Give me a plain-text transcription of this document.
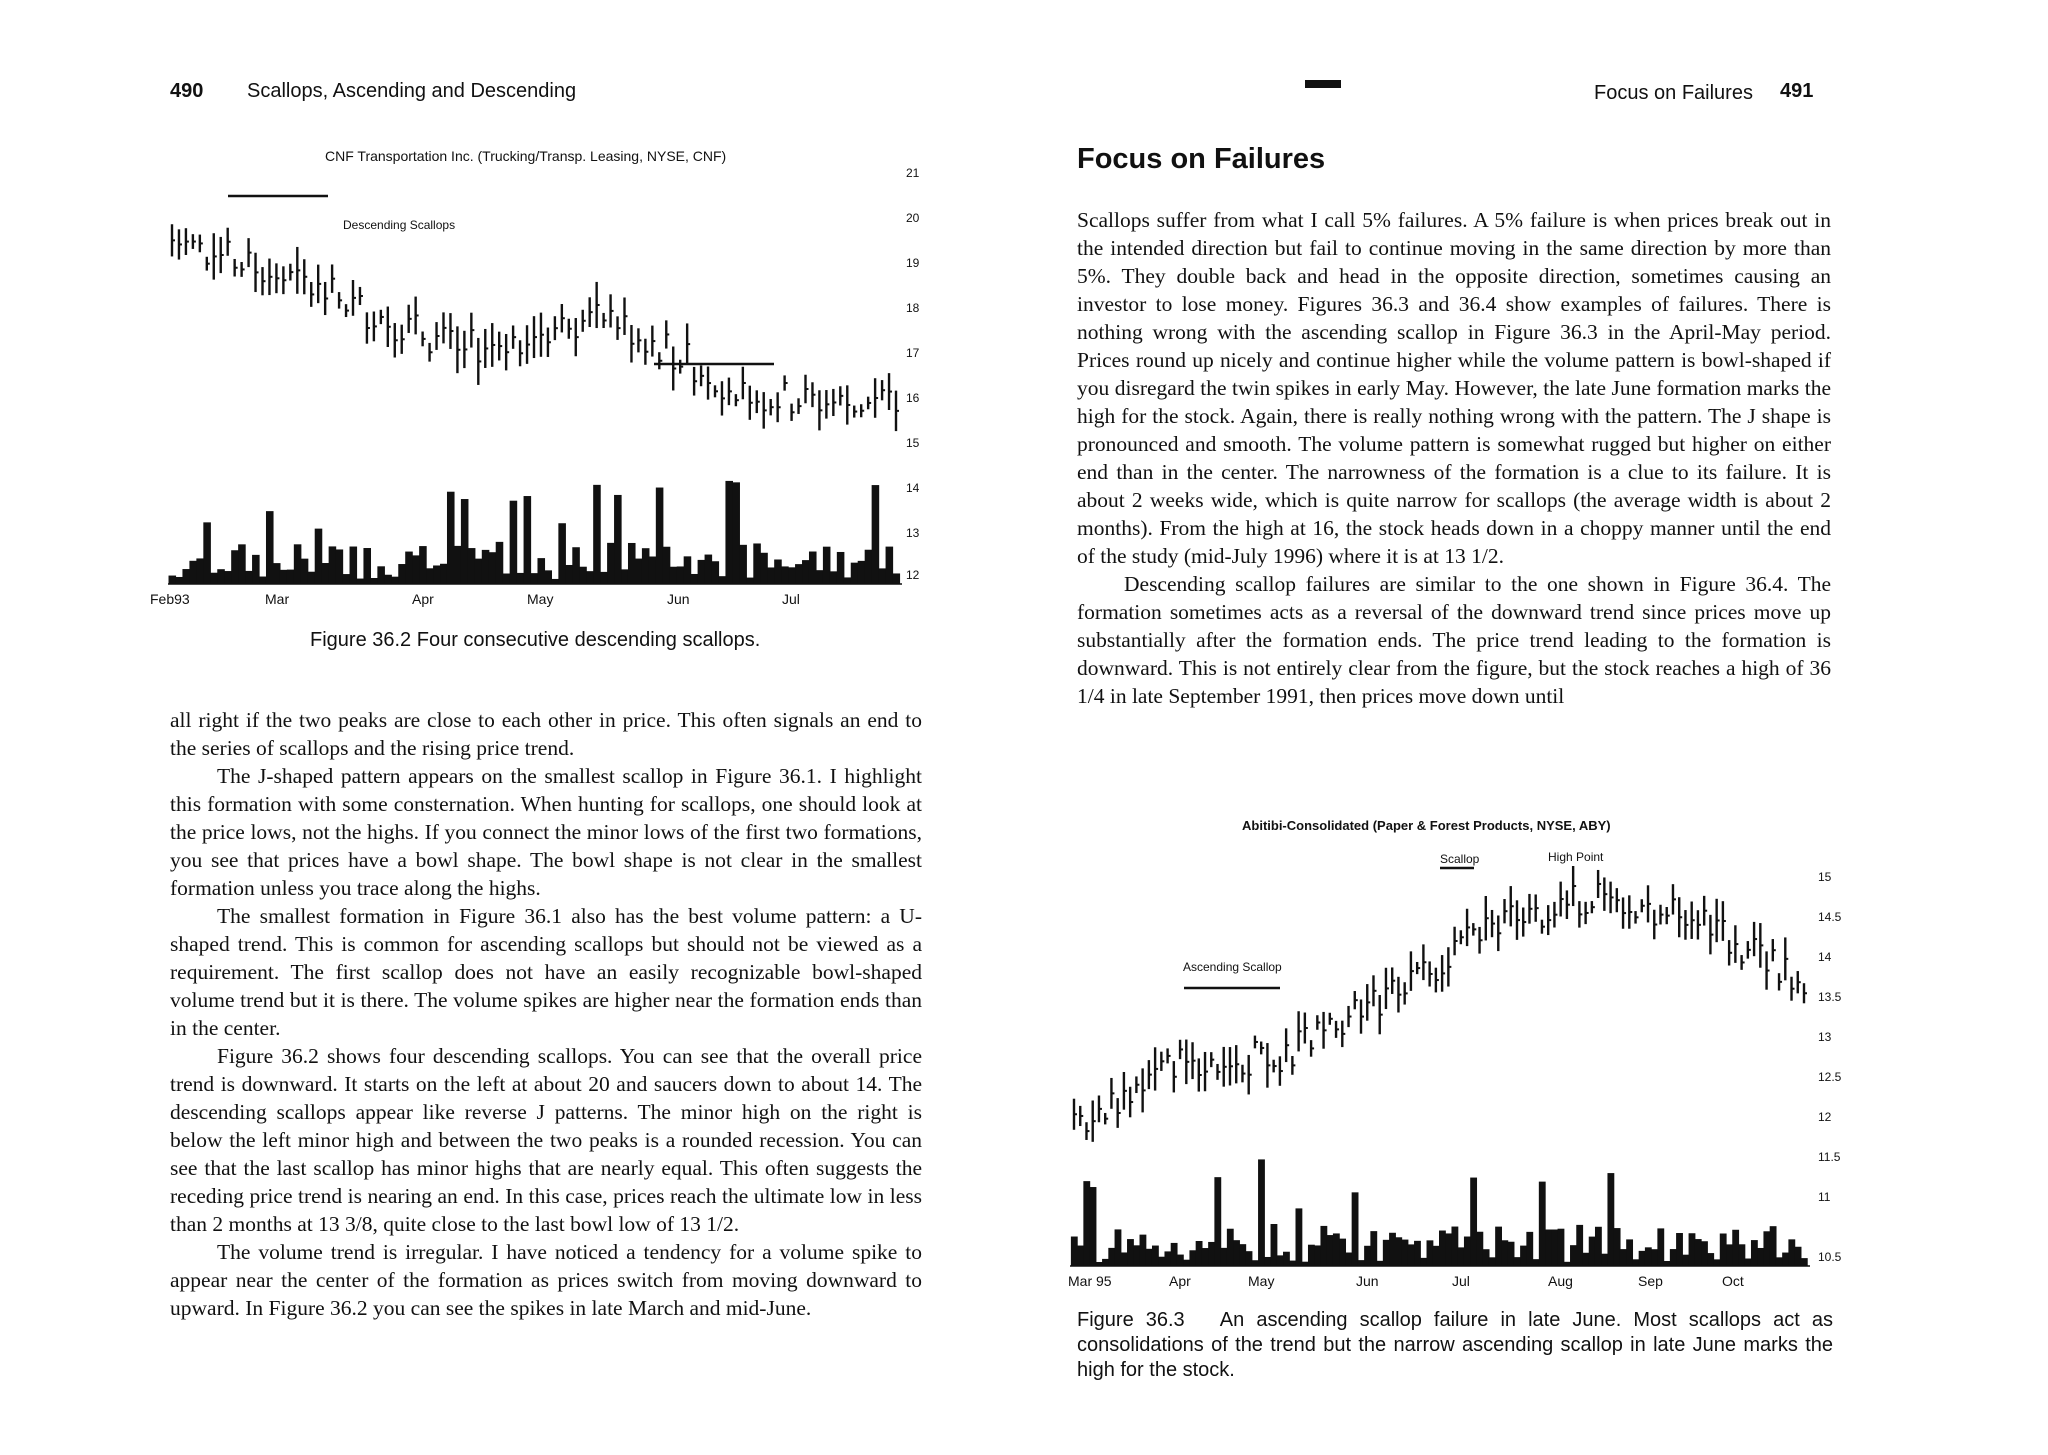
490 Scallops, Ascending and Descending
CNF Transportation Inc. (Trucking/Transp. Leasing, NYSE, CNF)
Descending Scallops
Feb93	Mar	Apr	May	Jun	Jul
21
20
19
18
17
16
15
14
13
12
Figure 36.2 Four consecutive descending scallops.

all right if the two peaks are close to each other in price. This often signals an end to the series of scallops and the rising price trend.

The J-shaped pattern appears on the smallest scallop in Figure 36.1. I highlight this formation with some consternation. When hunting for scallops, one should look at the price lows, not the highs. If you connect the minor lows of the first two formations, you see that prices have a bowl shape. The bowl shape is not clear in the smallest formation unless you trace along the highs.

The smallest formation in Figure 36.1 also has the best volume pattern: a U-shaped trend. This is common for ascending scallops but should not be viewed as a requirement. The first scallop does not have an easily recognizable bowl-shaped volume trend but it is there. The volume spikes are higher near the formation ends than in the center.

Figure 36.2 shows four descending scallops. You can see that the overall price trend is downward. It starts on the left at about 20 and saucers down to about 14. The descending scallops appear like reverse J patterns. The minor high on the right is below the left minor high and between the two peaks is a rounded recession. You can see that the last scallop has minor highs that are nearly equal. This often suggests the receding price trend is nearing an end. In this case, prices reach the ultimate low in less than 2 months at 13 3/8, quite close to the last bowl low of 13 1/2.

The volume trend is irregular. I have noticed a tendency for a volume spike to appear near the center of the formation as prices switch from moving downward to upward. In Figure 36.2 you can see the spikes in late March and mid-June.

Focus on Failures 491
Focus on Failures

Scallops suffer from what I call 5% failures. A 5% failure is when prices break out in the intended direction but fail to continue moving in the same direction by more than 5%. They double back and head in the opposite direction, sometimes causing an investor to lose money. Figures 36.3 and 36.4 show examples of failures. There is nothing wrong with the ascending scallop in Figure 36.3 in the April-May period. Prices round up nicely and continue higher while the volume pattern is bowl-shaped if you disregard the twin spikes in early May. However, the late June formation marks the high for the stock. Again, there is really nothing wrong with the pattern. The J shape is pronounced and smooth. The volume pattern is somewhat rugged but higher on either end than in the center. The narrowness of the formation is a clue to its failure. It is about 2 weeks wide, which is quite narrow for scallops (the average width is about 2 months). From the high at 16, the stock heads down in a choppy manner until the end of the study (mid-July 1996) where it is at 13 1/2.

Descending scallop failures are similar to the one shown in Figure 36.4. The formation sometimes acts as a reversal of the downward trend since prices move up substantially after the formation ends. The price trend leading to the formation is downward. This is not entirely clear from the figure, but the stock reaches a high of 36 1/4 in late September 1991, then prices move down until

Abitibi-Consolidated (Paper & Forest Products, NYSE, ABY)
Ascending Scallop
Scallop	High Point
Mar 95	Apr	May	Jun	Jul	Aug	Sep	Oct
15
14.5
14
13.5
13
12.5
12
11.5
11
10.5
Figure 36.3 An ascending scallop failure in late June. Most scallops act as consolidations of the trend but the narrow ascending scallop in late June marks the high for the stock.
